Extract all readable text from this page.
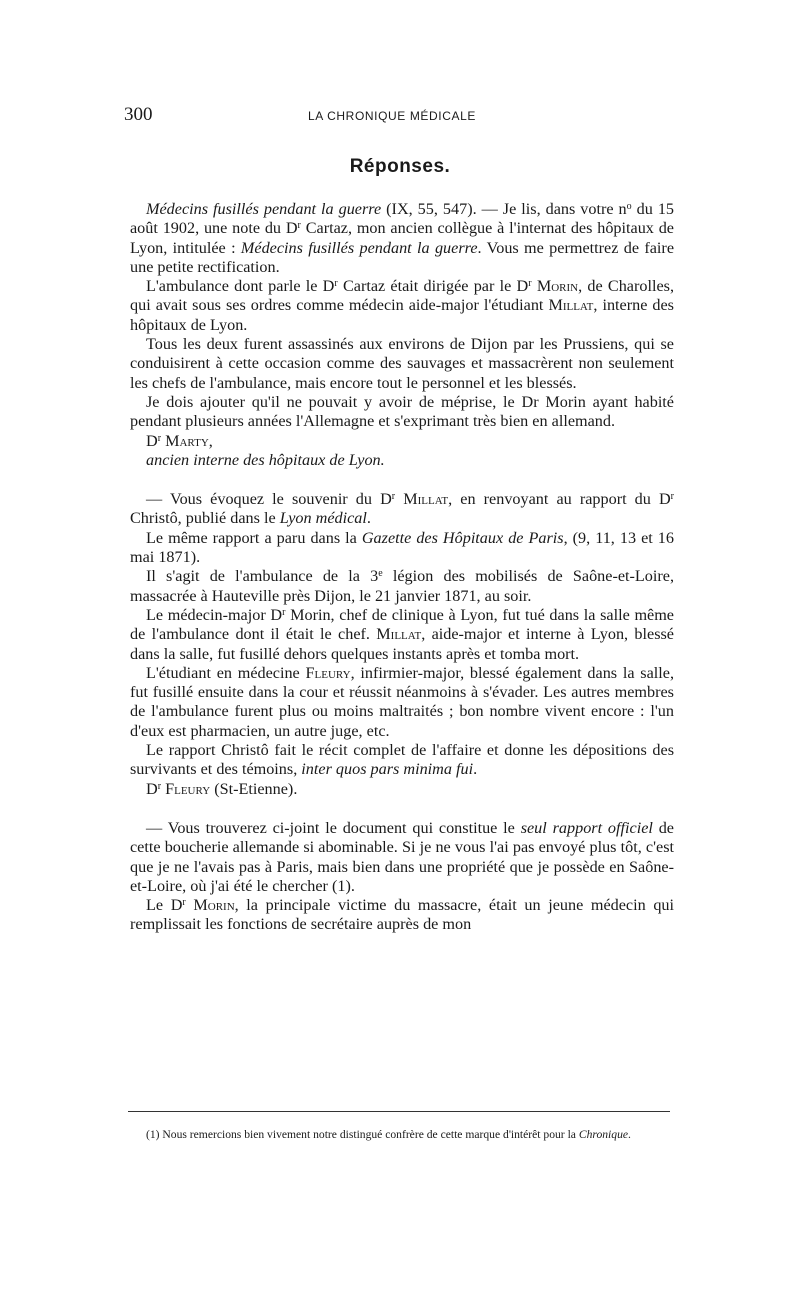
300	LA CHRONIQUE MÉDICALE
Réponses.

Médecins fusillés pendant la guerre (IX, 55, 547). — Je lis, dans votre $n^o$ du 15 août 1902, une note du $D^r$ Cartaz, mon ancien collègue à l'internat des hôpitaux de Lyon, intitulée : Médecins fusillés pendant la guerre. Vous me permettrez de faire une petite rectification.

L'ambulance dont parle le $D^r$ Cartaz était dirigée par le $D^r$ Morin, de Charolles, qui avait sous ses ordres comme médecin aide-major l'étudiant Millat, interne des hôpitaux de Lyon.

Tous les deux furent assassinés aux environs de Dijon par les Prussiens, qui se conduisirent à cette occasion comme des sauvages et massacrèrent non seulement les chefs de l'ambulance, mais encore tout le personnel et les blessés.

Je dois ajouter qu'il ne pouvait y avoir de méprise, le Dr Morin ayant habité pendant plusieurs années l'Allemagne et s'exprimant très bien en allemand.

$D^r$ Marty,

ancien interne des hôpitaux de Lyon.

— Vous évoquez le souvenir du $D^r$ Millat, en renvoyant au rapport du $D^r$ Christô, publié dans le Lyon médical.

Le même rapport a paru dans la Gazette des Hôpitaux de Paris, (9, 11, 13 et 16 mai 1871).

Il s'agit de l'ambulance de la 3e légion des mobilisés de Saône-et-Loire, massacrée à Hauteville près Dijon, le 21 janvier 1871, au soir.

Le médecin-major $D^r$ Morin, chef de clinique à Lyon, fut tué dans la salle même de l'ambulance dont il était le chef. Millat, aide-major et interne à Lyon, blessé dans la salle, fut fusillé dehors quelques instants après et tomba mort.

L'étudiant en médecine Fleury, infirmier-major, blessé également dans la salle, fut fusillé ensuite dans la cour et réussit néanmoins à s'évader. Les autres membres de l'ambulance furent plus ou moins maltraités ; bon nombre vivent encore : l'un d'eux est pharmacien, un autre juge, etc.

Le rapport Christô fait le récit complet de l'affaire et donne les dépositions des survivants et des témoins, inter quos pars minima fui.

$D^r$ Fleury (St-Etienne).

— Vous trouverez ci-joint le document qui constitue le seul rapport officiel de cette boucherie allemande si abominable. Si je ne vous l'ai pas envoyé plus tôt, c'est que je ne l'avais pas à Paris, mais bien dans une propriété que je possède en Saône-et-Loire, où j'ai été le chercher (1).

Le $D^r$ Morin, la principale victime du massacre, était un jeune médecin qui remplissait les fonctions de secrétaire auprès de mon

(1) Nous remercions bien vivement notre distingué confrère de cette marque d'intérêt pour la Chronique.
